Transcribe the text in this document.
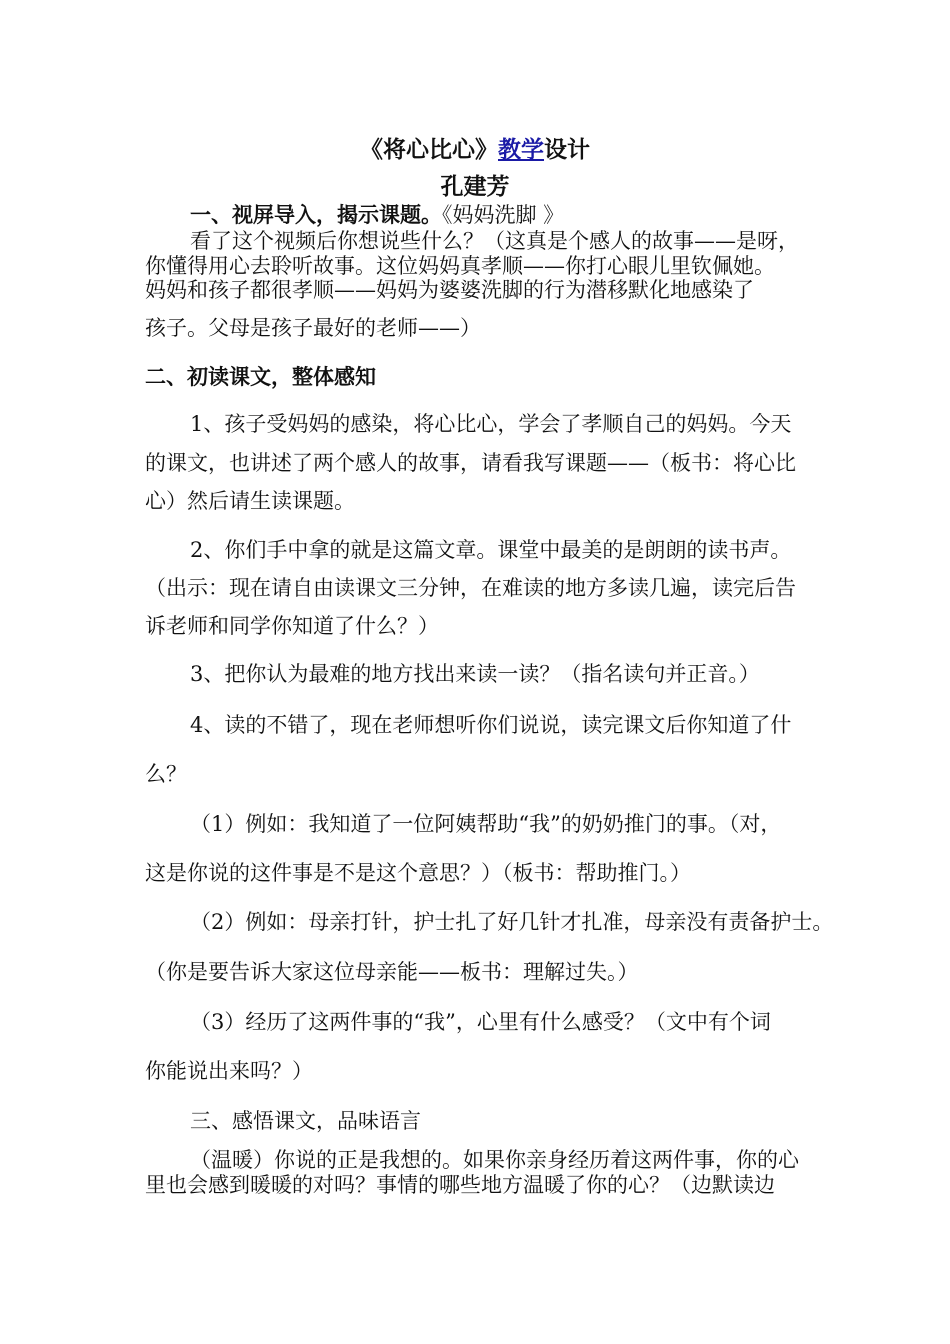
《将心比心》教学设计
孔建芳
一、视屏导入，揭示课题。《妈妈洗脚 》
看了这个视频后你想说些什么？（这真是个感人的故事——是呀，
你懂得用心去聆听故事。这位妈妈真孝顺——你打心眼儿里钦佩她。
妈妈和孩子都很孝顺——妈妈为婆婆洗脚的行为潜移默化地感染了
孩子。父母是孩子最好的老师——）
二、初读课文，整体感知
1、孩子受妈妈的感染，将心比心，学会了孝顺自己的妈妈。今天
的课文，也讲述了两个感人的故事，请看我写课题——（板书：将心比
心）然后请生读课题。
2、你们手中拿的就是这篇文章。课堂中最美的是朗朗的读书声。
（出示：现在请自由读课文三分钟，在难读的地方多读几遍，读完后告
诉老师和同学你知道了什么？）
3、把你认为最难的地方找出来读一读？（指名读句并正音。）
4、读的不错了，现在老师想听你们说说，读完课文后你知道了什
么？
（1）例如：我知道了一位阿姨帮助“我”的奶奶推门的事。（对，
这是你说的这件事是不是这个意思？）（板书：帮助推门。）
（2）例如：母亲打针，护士扎了好几针才扎准，母亲没有责备护士。
（你是要告诉大家这位母亲能——板书：理解过失。）
（3）经历了这两件事的“我”，心里有什么感受？（文中有个词
你能说出来吗？）
三、感悟课文，品味语言
（温暖）你说的正是我想的。如果你亲身经历着这两件事，你的心
里也会感到暖暖的对吗？事情的哪些地方温暖了你的心？（边默读边
